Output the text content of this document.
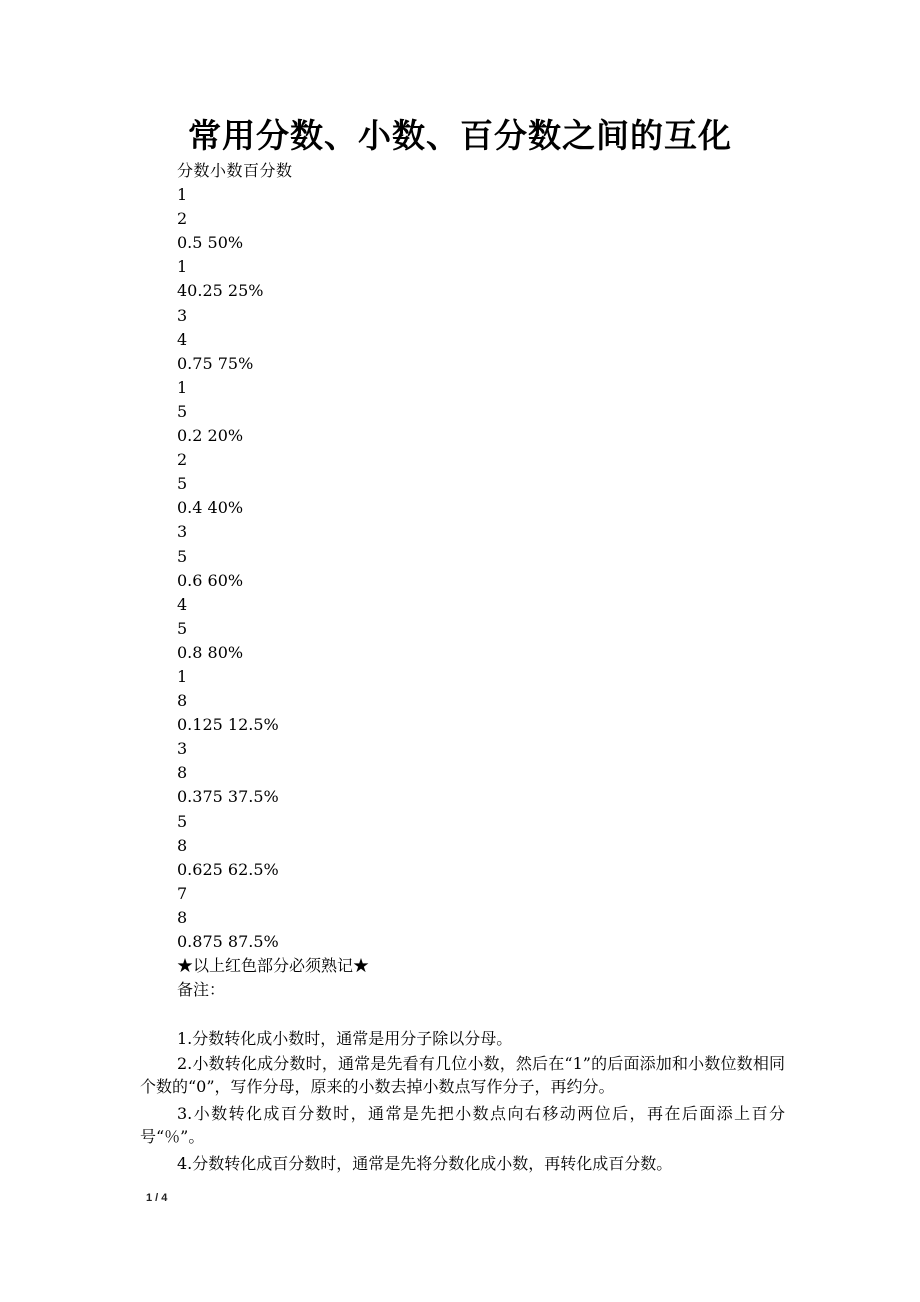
常用分数、小数、百分数之间的互化
分数小数百分数
1
2
0.5 50%
1
40.25 25%
3
4
0.75 75%
1
5
0.2 20%
2
5
0.4 40%
3
5
0.6 60%
4
5
0.8 80%
1
8
0.125 12.5%
3
8
0.375 37.5%
5
8
0.625 62.5%
7
8
0.875 87.5%
★以上红色部分必须熟记★
备注：

1.分数转化成小数时，通常是用分子除以分母。

2.小数转化成分数时，通常是先看有几位小数，然后在“1”的后面添加和小数位数相同个数的“0”，写作分母，原来的小数去掉小数点写作分子，再约分。

3.小数转化成百分数时，通常是先把小数点向右移动两位后，再在后面添上百分号“％”。

4.分数转化成百分数时，通常是先将分数化成小数，再转化成百分数。

1 / 4
